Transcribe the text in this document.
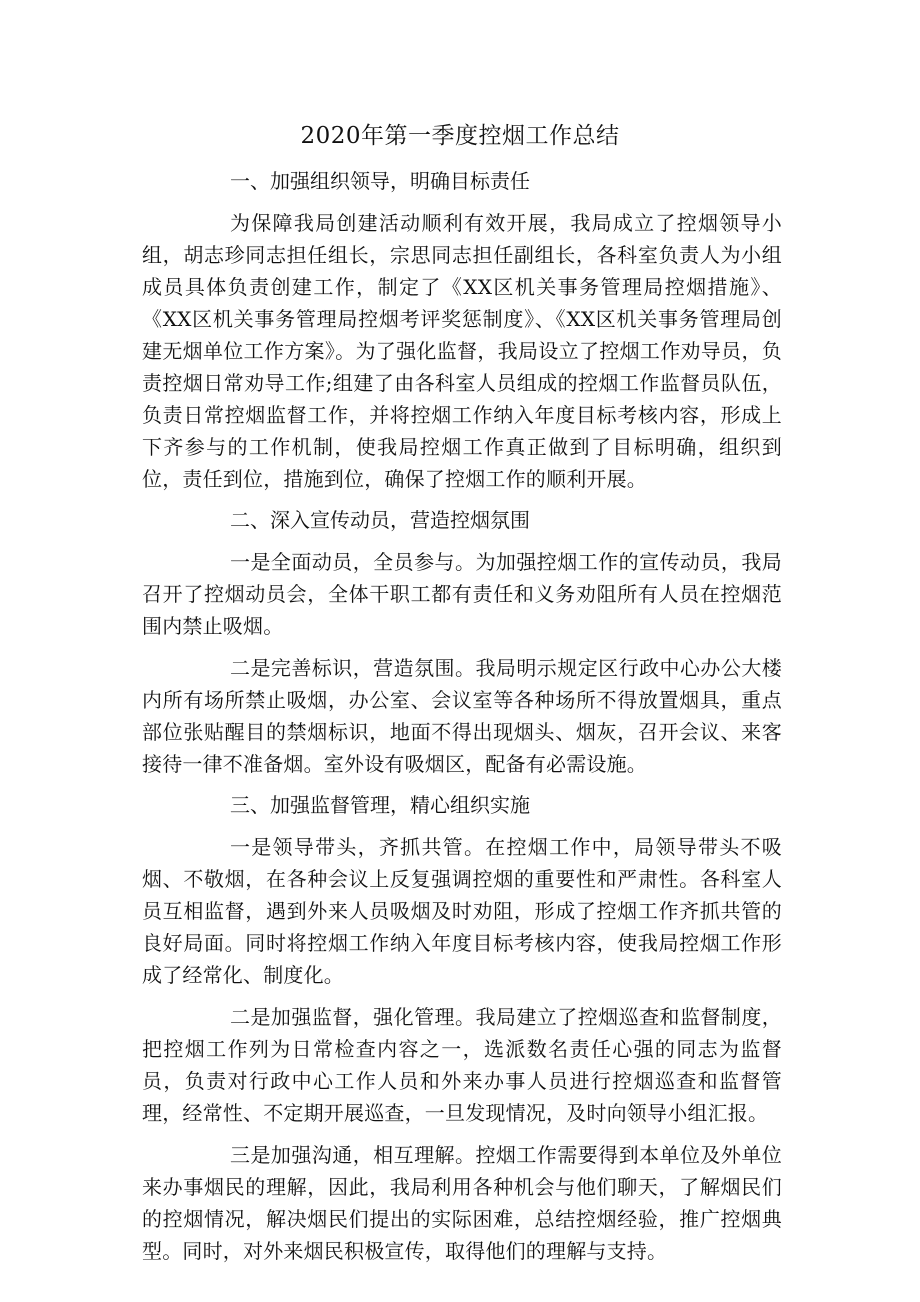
2020年第一季度控烟工作总结

一、加强组织领导，明确目标责任

为保障我局创建活动顺利有效开展，我局成立了控烟领导小组，胡志珍同志担任组长，宗思同志担任副组长，各科室负责人为小组成员具体负责创建工作，制定了《XX区机关事务管理局控烟措施》、《XX区机关事务管理局控烟考评奖惩制度》、《XX区机关事务管理局创建无烟单位工作方案》。为了强化监督，我局设立了控烟工作劝导员，负责控烟日常劝导工作;组建了由各科室人员组成的控烟工作监督员队伍，负责日常控烟监督工作，并将控烟工作纳入年度目标考核内容，形成上下齐参与的工作机制，使我局控烟工作真正做到了目标明确，组织到位，责任到位，措施到位，确保了控烟工作的顺利开展。

二、深入宣传动员，营造控烟氛围

一是全面动员，全员参与。为加强控烟工作的宣传动员，我局召开了控烟动员会，全体干职工都有责任和义务劝阻所有人员在控烟范围内禁止吸烟。

二是完善标识，营造氛围。我局明示规定区行政中心办公大楼内所有场所禁止吸烟，办公室、会议室等各种场所不得放置烟具，重点部位张贴醒目的禁烟标识，地面不得出现烟头、烟灰，召开会议、来客接待一律不准备烟。室外设有吸烟区，配备有必需设施。

三、加强监督管理，精心组织实施

一是领导带头，齐抓共管。在控烟工作中，局领导带头不吸烟、不敬烟，在各种会议上反复强调控烟的重要性和严肃性。各科室人员互相监督，遇到外来人员吸烟及时劝阻，形成了控烟工作齐抓共管的良好局面。同时将控烟工作纳入年度目标考核内容，使我局控烟工作形成了经常化、制度化。

二是加强监督，强化管理。我局建立了控烟巡查和监督制度，把控烟工作列为日常检查内容之一，选派数名责任心强的同志为监督员，负责对行政中心工作人员和外来办事人员进行控烟巡查和监督管理，经常性、不定期开展巡查，一旦发现情况，及时向领导小组汇报。

三是加强沟通，相互理解。控烟工作需要得到本单位及外单位来办事烟民的理解，因此，我局利用各种机会与他们聊天，了解烟民们的控烟情况，解决烟民们提出的实际困难，总结控烟经验，推广控烟典型。同时，对外来烟民积极宣传，取得他们的理解与支持。
